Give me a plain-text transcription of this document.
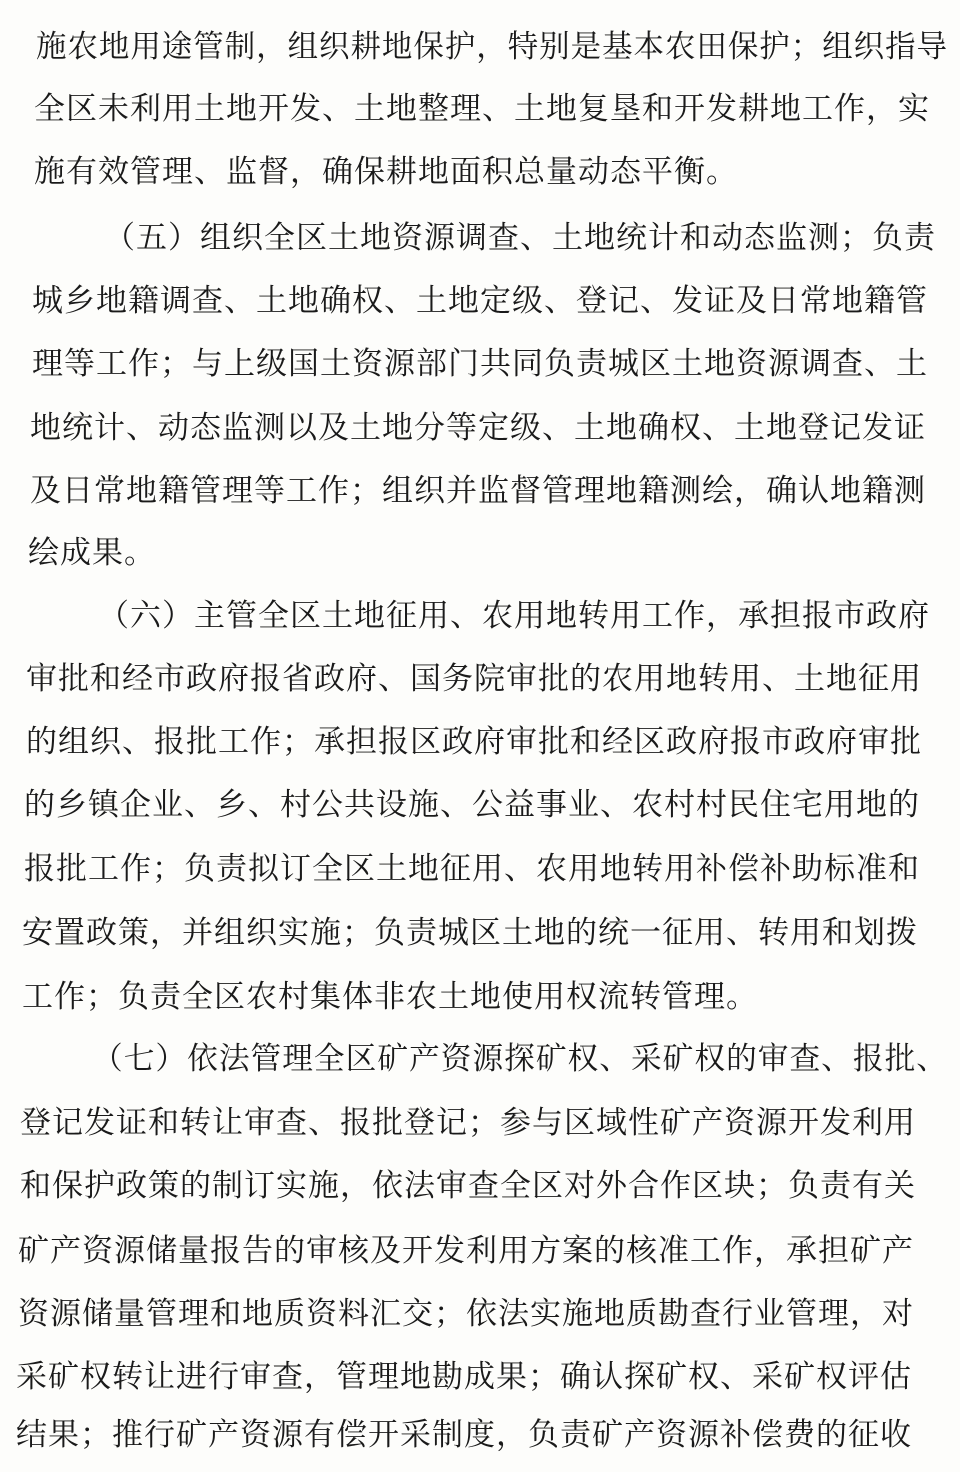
施农地用途管制，组织耕地保护，特别是基本农田保护；组织指导
全区未利用土地开发、土地整理、土地复垦和开发耕地工作，实
施有效管理、监督，确保耕地面积总量动态平衡。
（五）组织全区土地资源调查、土地统计和动态监测；负责
城乡地籍调查、土地确权、土地定级、登记、发证及日常地籍管
理等工作；与上级国土资源部门共同负责城区土地资源调查、土
地统计、动态监测以及土地分等定级、土地确权、土地登记发证
及日常地籍管理等工作；组织并监督管理地籍测绘，确认地籍测
绘成果。
（六）主管全区土地征用、农用地转用工作，承担报市政府
审批和经市政府报省政府、国务院审批的农用地转用、土地征用
的组织、报批工作；承担报区政府审批和经区政府报市政府审批
的乡镇企业、乡、村公共设施、公益事业、农村村民住宅用地的
报批工作；负责拟订全区土地征用、农用地转用补偿补助标准和
安置政策，并组织实施；负责城区土地的统一征用、转用和划拨
工作；负责全区农村集体非农土地使用权流转管理。
（七）依法管理全区矿产资源探矿权、采矿权的审查、报批、
登记发证和转让审查、报批登记；参与区域性矿产资源开发利用
和保护政策的制订实施，依法审查全区对外合作区块；负责有关
矿产资源储量报告的审核及开发利用方案的核准工作，承担矿产
资源储量管理和地质资料汇交；依法实施地质勘查行业管理，对
采矿权转让进行审查，管理地勘成果；确认探矿权、采矿权评估
结果；推行矿产资源有偿开采制度，负责矿产资源补偿费的征收
